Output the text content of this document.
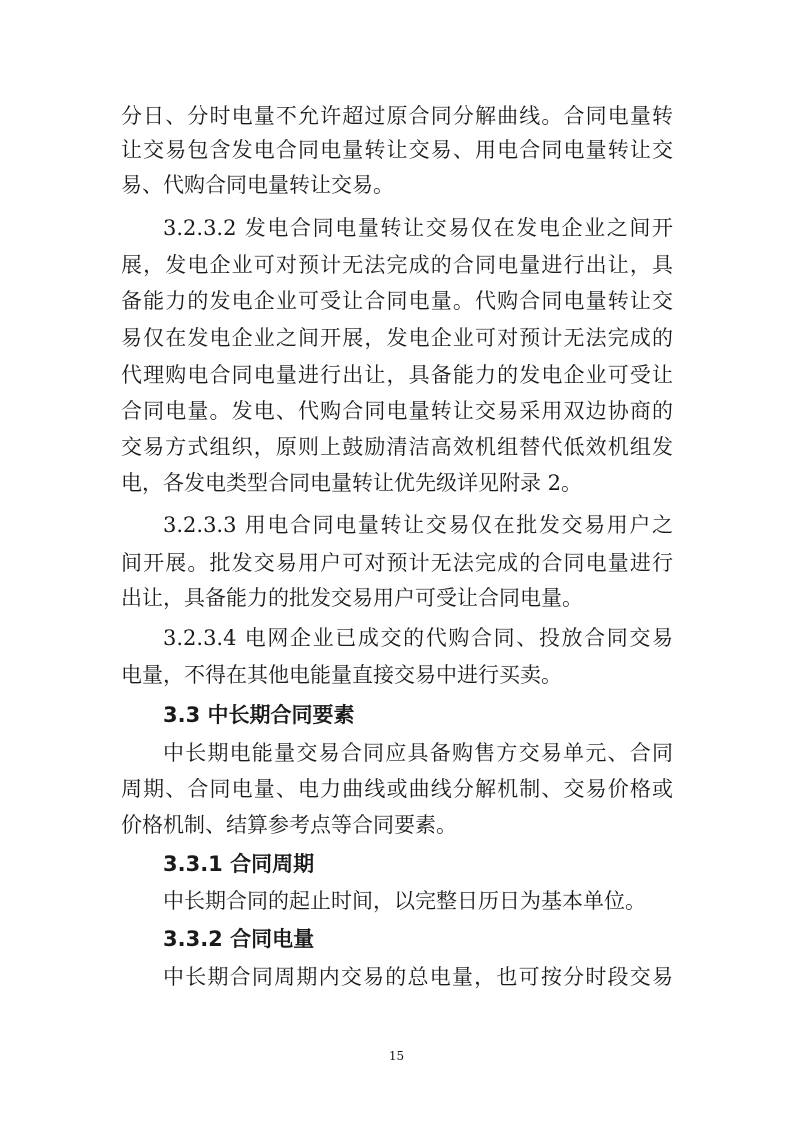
分日、分时电量不允许超过原合同分解曲线。合同电量转
让交易包含发电合同电量转让交易、用电合同电量转让交
易、代购合同电量转让交易。
3.2.3.2 发电合同电量转让交易仅在发电企业之间开
展，发电企业可对预计无法完成的合同电量进行出让，具
备能力的发电企业可受让合同电量。代购合同电量转让交
易仅在发电企业之间开展，发电企业可对预计无法完成的
代理购电合同电量进行出让，具备能力的发电企业可受让
合同电量。发电、代购合同电量转让交易采用双边协商的
交易方式组织，原则上鼓励清洁高效机组替代低效机组发
电，各发电类型合同电量转让优先级详见附录 2。
3.2.3.3 用电合同电量转让交易仅在批发交易用户之
间开展。批发交易用户可对预计无法完成的合同电量进行
出让，具备能力的批发交易用户可受让合同电量。
3.2.3.4 电网企业已成交的代购合同、投放合同交易
电量，不得在其他电能量直接交易中进行买卖。
3.3 中长期合同要素
中长期电能量交易合同应具备购售方交易单元、合同
周期、合同电量、电力曲线或曲线分解机制、交易价格或
价格机制、结算参考点等合同要素。
3.3.1 合同周期
中长期合同的起止时间，以完整日历日为基本单位。
3.3.2 合同电量
中长期合同周期内交易的总电量，也可按分时段交易
15
